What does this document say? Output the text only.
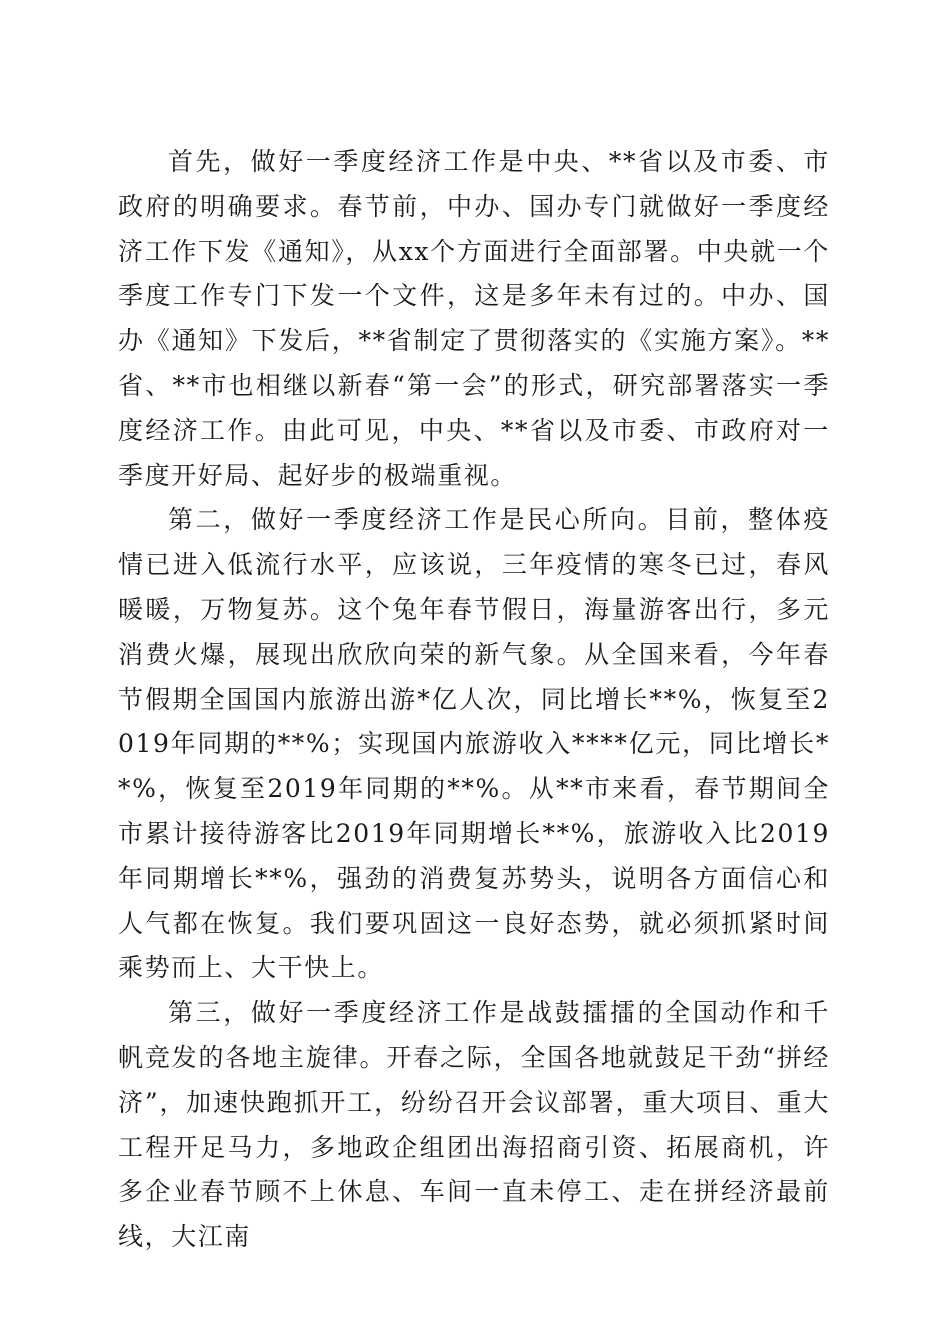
首先，做好一季度经济工作是中央、**省以及市委、市政府的明确要求。春节前，中办、国办专门就做好一季度经济工作下发《通知》，从xx个方面进行全面部署。中央就一个季度工作专门下发一个文件，这是多年未有过的。中办、国办《通知》下发后，**省制定了贯彻落实的《实施方案》。**省、**市也相继以新春“第一会”的形式，研究部署落实一季度经济工作。由此可见，中央、**省以及市委、市政府对一季度开好局、起好步的极端重视。

第二，做好一季度经济工作是民心所向。目前，整体疫情已进入低流行水平，应该说，三年疫情的寒冬已过，春风暖暖，万物复苏。这个兔年春节假日，海量游客出行，多元消费火爆，展现出欣欣向荣的新气象。从全国来看，今年春节假期全国国内旅游出游*亿人次，同比增长**%，恢复至2019年同期的**%；实现国内旅游收入****亿元，同比增长**%，恢复至2019年同期的**%。从**市来看，春节期间全市累计接待游客比2019年同期增长**%，旅游收入比2019年同期增长**%，强劲的消费复苏势头，说明各方面信心和人气都在恢复。我们要巩固这一良好态势，就必须抓紧时间乘势而上、大干快上。

第三，做好一季度经济工作是战鼓擂擂的全国动作和千帆竞发的各地主旋律。开春之际，全国各地就鼓足干劲“拼经济”，加速快跑抓开工，纷纷召开会议部署，重大项目、重大工程开足马力，多地政企组团出海招商引资、拓展商机，许多企业春节顾不上休息、车间一直未停工、走在拼经济最前线，大江南
